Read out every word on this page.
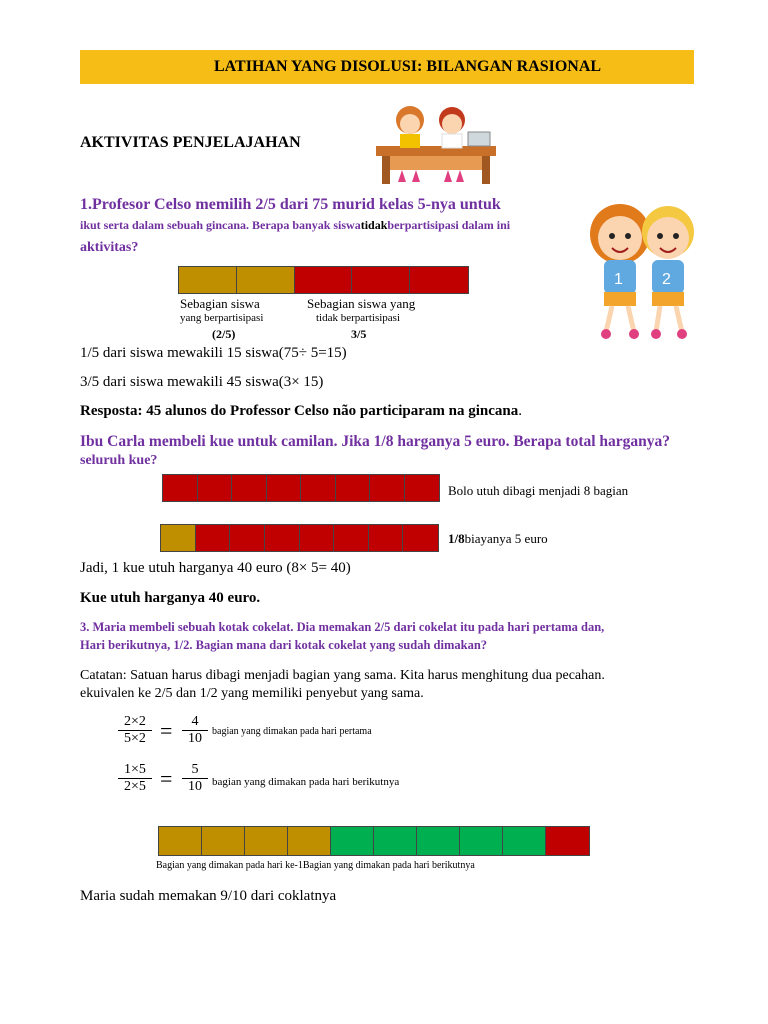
LATIHAN YANG DISOLUSI: BILANGAN RASIONAL
AKTIVITAS PENJELAJAHAN
1 2
1.Profesor Celso memilih 2/5 dari 75 murid kelas 5-nya untuk
ikut serta dalam sebuah gincana. Berapa banyak siswatidakberpartisipasi dalam ini
aktivitas?
Sebagian siswa
yang berpartisipasi
(2/5)
Sebagian siswa yang
tidak berpartisipasi
3/5
1/5 dari siswa mewakili 15 siswa(75÷ 5=15)
3/5 dari siswa mewakili 45 siswa(3× 15)
Resposta: 45 alunos do Professor Celso não participaram na gincana.
Ibu Carla membeli kue untuk camilan. Jika 1/8 harganya 5 euro. Berapa total harganya?
seluruh kue?
Bolo utuh dibagi menjadi 8 bagian
1/8biayanya 5 euro
Jadi, 1 kue utuh harganya 40 euro (8× 5= 40)
Kue utuh harganya 40 euro.
3. Maria membeli sebuah kotak cokelat. Dia memakan 2/5 dari cokelat itu pada hari pertama dan,
Hari berikutnya, 1/2. Bagian mana dari kotak cokelat yang sudah dimakan?
Catatan: Satuan harus dibagi menjadi bagian yang sama. Kita harus menghitung dua pecahan.
ekuivalen ke 2/5 dan 1/2 yang memiliki penyebut yang sama.
2×2
5×2 =	4
10	bagian yang dimakan pada hari pertama
1×5
2×5 =	5
10 bagian yang dimakan pada hari berikutnya
Bagian yang dimakan pada hari ke-1Bagian yang dimakan pada hari berikutnya
Maria sudah memakan 9/10 dari coklatnya
